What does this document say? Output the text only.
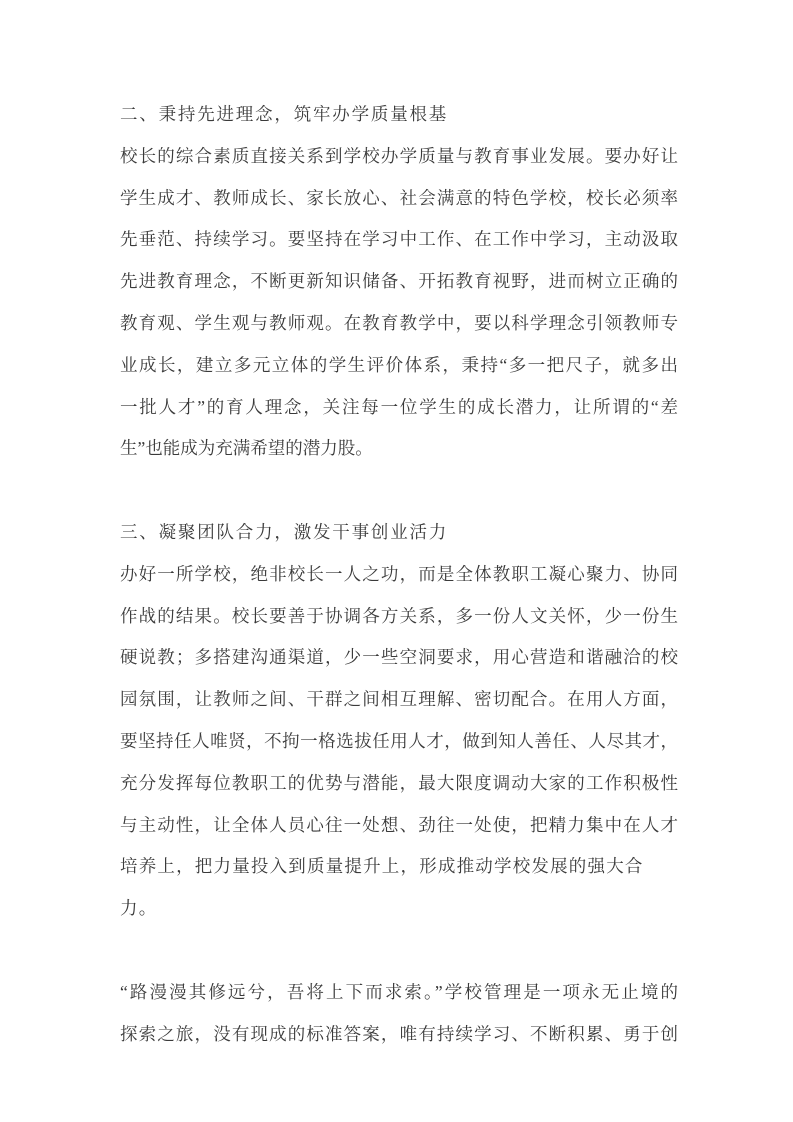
二、秉持先进理念，筑牢办学质量根基
校长的综合素质直接关系到学校办学质量与教育事业发展。要办好让
学生成才、教师成长、家长放心、社会满意的特色学校，校长必须率
先垂范、持续学习。要坚持在学习中工作、在工作中学习，主动汲取
先进教育理念，不断更新知识储备、开拓教育视野，进而树立正确的
教育观、学生观与教师观。在教育教学中，要以科学理念引领教师专
业成长，建立多元立体的学生评价体系，秉持“多一把尺子，就多出
一批人才”的育人理念，关注每一位学生的成长潜力，让所谓的“差
生”也能成为充满希望的潜力股。
三、凝聚团队合力，激发干事创业活力
办好一所学校，绝非校长一人之功，而是全体教职工凝心聚力、协同
作战的结果。校长要善于协调各方关系，多一份人文关怀，少一份生
硬说教；多搭建沟通渠道，少一些空洞要求，用心营造和谐融洽的校
园氛围，让教师之间、干群之间相互理解、密切配合。在用人方面，
要坚持任人唯贤，不拘一格选拔任用人才，做到知人善任、人尽其才，
充分发挥每位教职工的优势与潜能，最大限度调动大家的工作积极性
与主动性，让全体人员心往一处想、劲往一处使，把精力集中在人才
培养上，把力量投入到质量提升上，形成推动学校发展的强大合力。
“路漫漫其修远兮，吾将上下而求索。”学校管理是一项永无止境的
探索之旅，没有现成的标准答案，唯有持续学习、不断积累、勇于创
